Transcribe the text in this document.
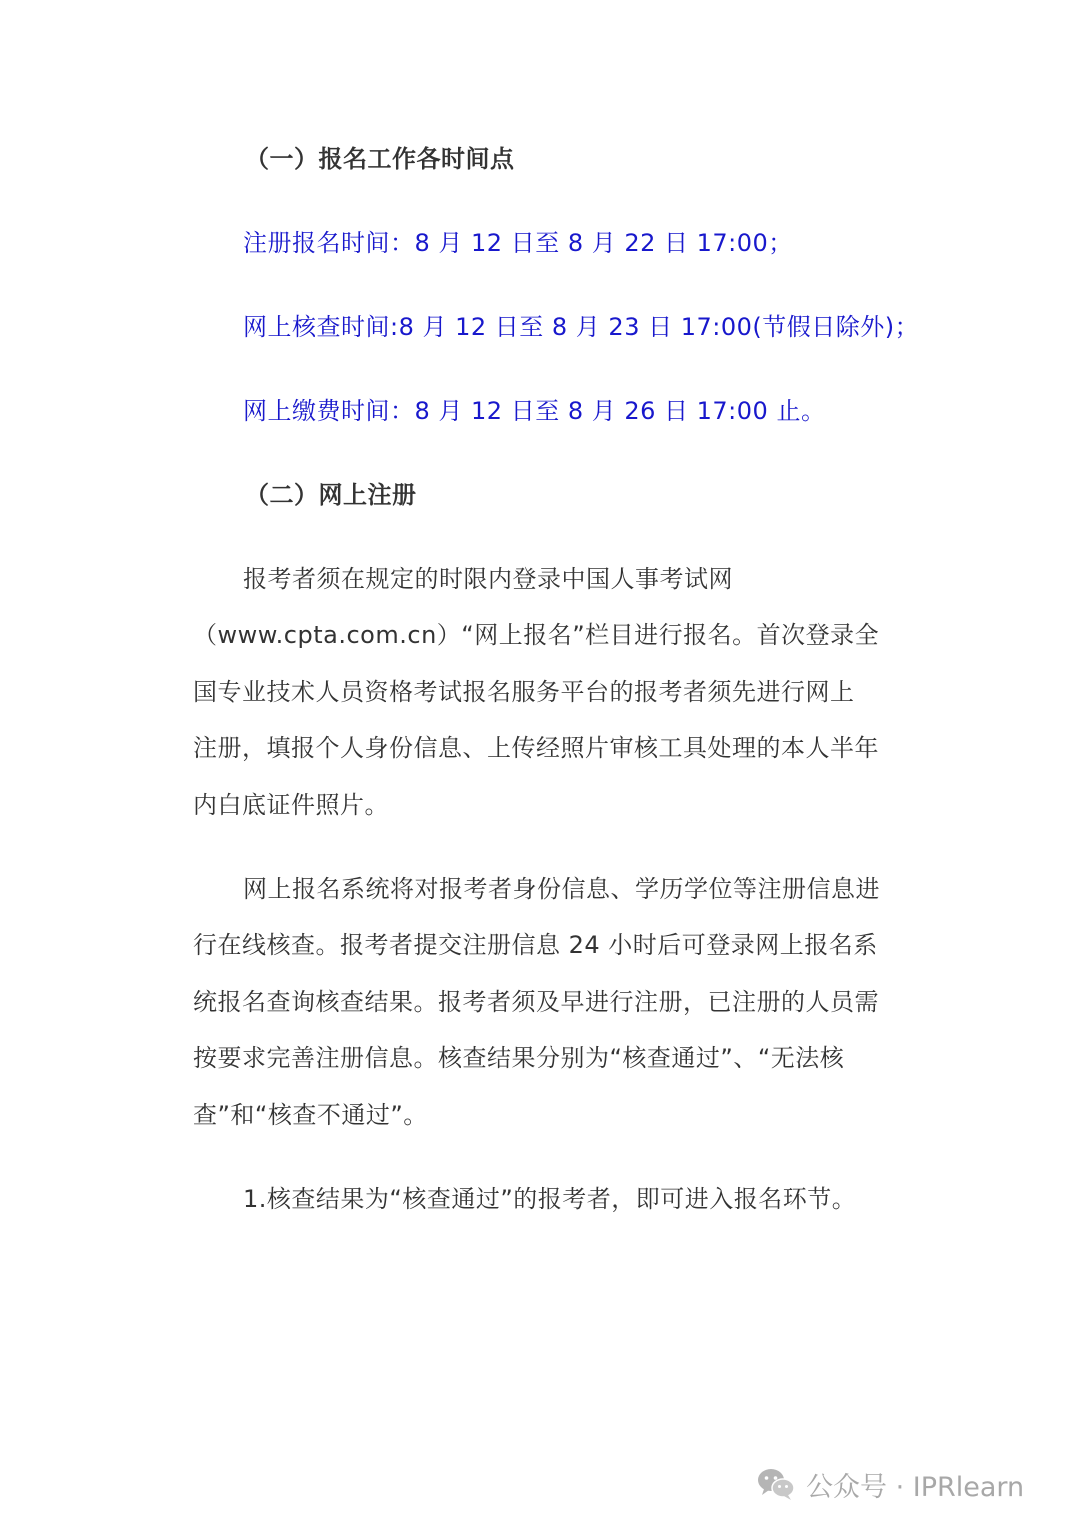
（一）报名工作各时间点
注册报名时间：8 月 12 日至 8 月 22 日 17:00；
网上核查时间:8 月 12 日至 8 月 23 日 17:00(节假日除外)；
网上缴费时间：8 月 12 日至 8 月 26 日 17:00 止。
（二）网上注册
报考者须在规定的时限内登录中国人事考试网
（www.cpta.com.cn）“网上报名”栏目进行报名。首次登录全
国专业技术人员资格考试报名服务平台的报考者须先进行网上
注册，填报个人身份信息、上传经照片审核工具处理的本人半年
内白底证件照片。
网上报名系统将对报考者身份信息、学历学位等注册信息进
行在线核查。报考者提交注册信息 24 小时后可登录网上报名系
统报名查询核查结果。报考者须及早进行注册，已注册的人员需
按要求完善注册信息。核查结果分别为“核查通过”、“无法核
查”和“核查不通过”。
1.核查结果为“核查通过”的报考者，即可进入报名环节。
公众号 · IPRlearn
